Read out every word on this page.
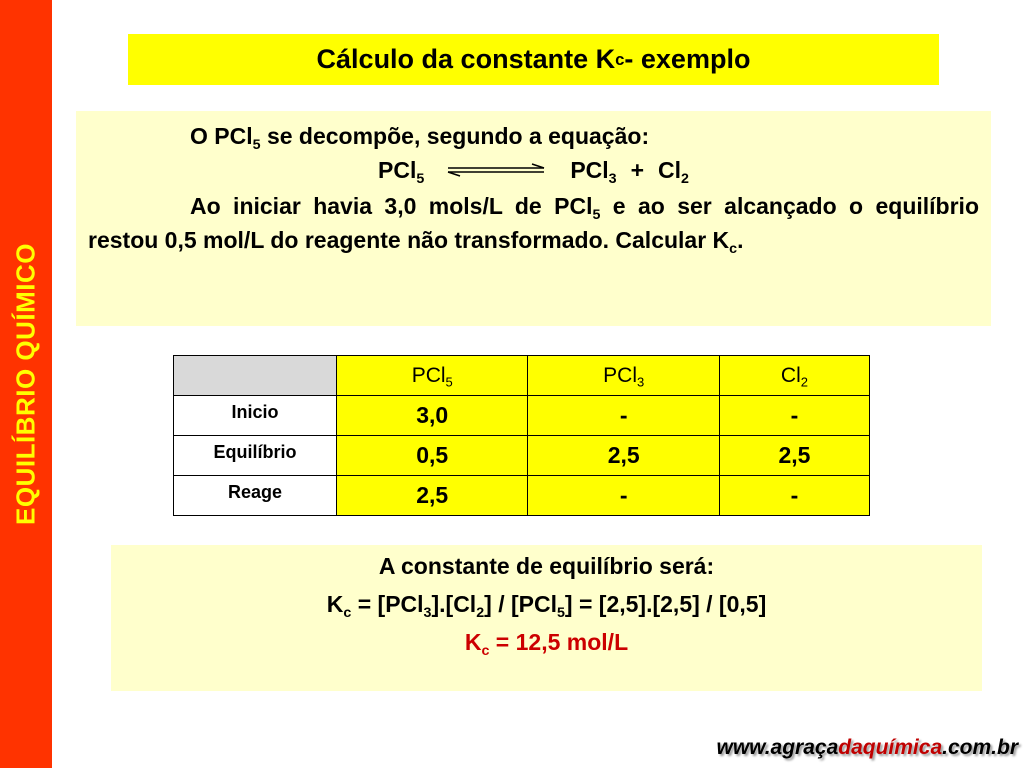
EQUILÍBRIO QUÍMICO
Cálculo da constante K c - exemplo
O PCl$_5$ se decompõe, segundo a equação:
PCl$_5$	$PCl_3 + Cl_2$
Ao iniciar havia 3,0 mols/L de PCl$_5$ e ao ser alcançado o equilíbrio restou 0,5 mol/L do reagente não transformado. Calcular $K_c$.
	PCl$_5$	PCl$_3$	$Cl_2$
Inicio	3,0	-	-
Equilíbrio	0,5	2,5	2,5
Reage	2,5	-	-
A constante de equilíbrio será:
$K_c = [PCl_3].[Cl_2] / [PCl_5] = [2,5].[2,5] / [0,5]$
$K_c = 12,5$ mol/L
www.agraçadaquímica.com.br
